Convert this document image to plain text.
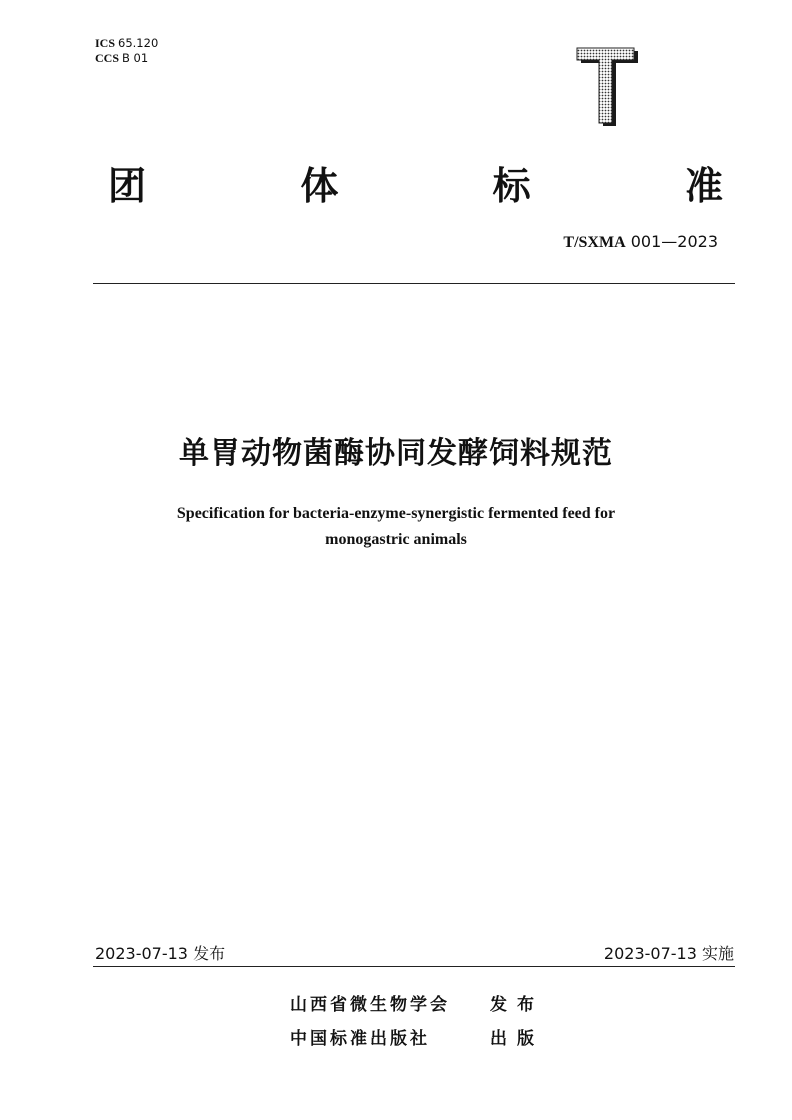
ICS 65.120
CCS B 01
团	体	标	准
T/SXMA 001—2023
单胃动物菌酶协同发酵饲料规范
Specification for bacteria-enzyme-synergistic fermented feed for
monogastric animals
2023-07-13 发布	2023-07-13 实施
山西省微生物学会	发布
中国标准出版社	出版
